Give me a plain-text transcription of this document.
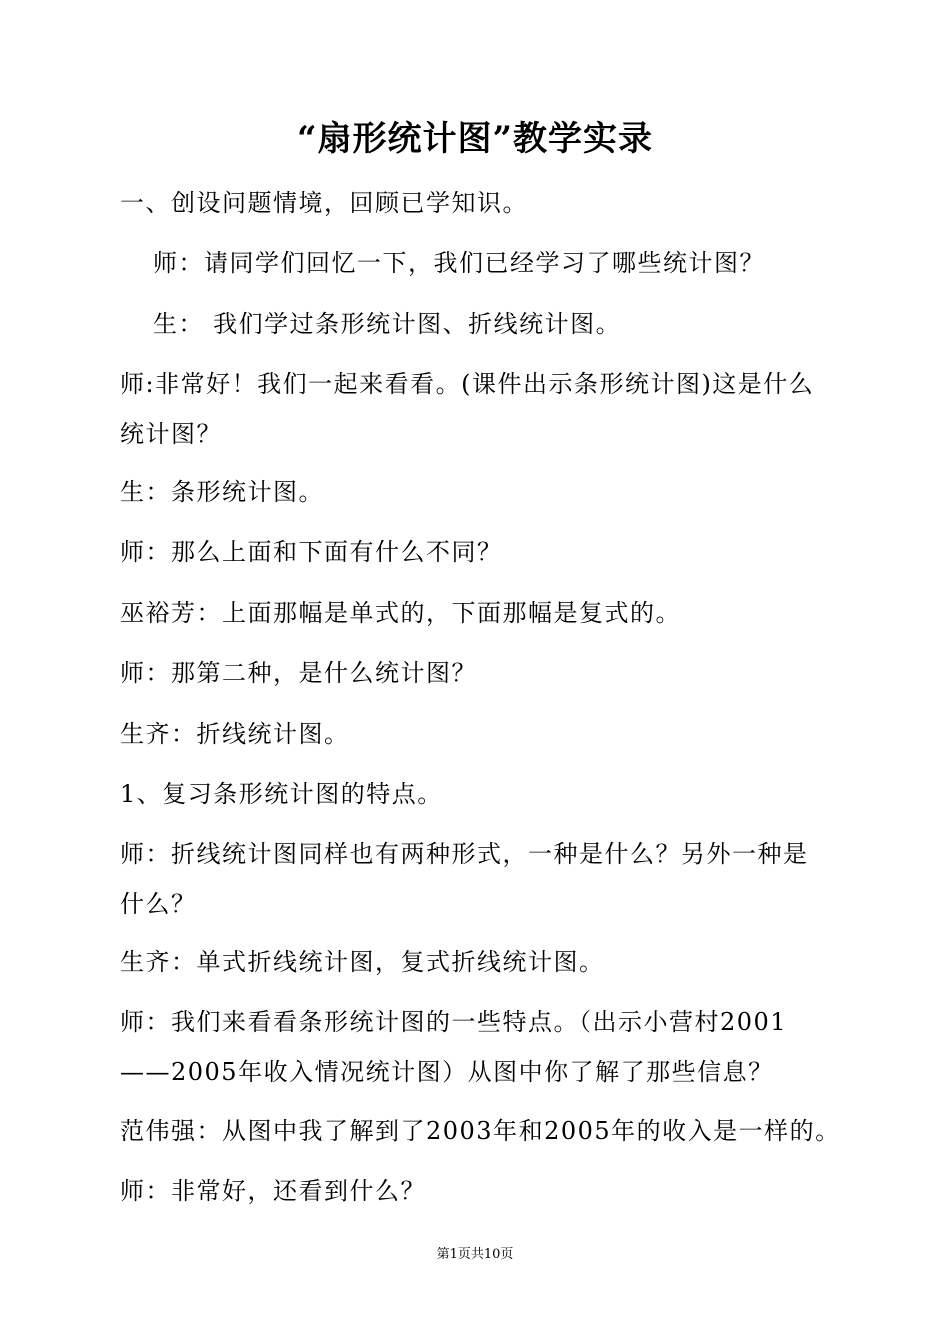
“扇形统计图”教学实录
一、创设问题情境，回顾已学知识。
师：请同学们回忆一下，我们已经学习了哪些统计图？
生： 我们学过条形统计图、折线统计图。
师:非常好！我们一起来看看。(课件出示条形统计图)这是什么统计图？
生：条形统计图。
师：那么上面和下面有什么不同？
巫裕芳：上面那幅是单式的，下面那幅是复式的。
师：那第二种，是什么统计图？
生齐：折线统计图。
1、复习条形统计图的特点。
师：折线统计图同样也有两种形式，一种是什么？另外一种是什么？
生齐：单式折线统计图，复式折线统计图。
师：我们来看看条形统计图的一些特点。（出示小营村2001——2005年收入情况统计图）从图中你了解了那些信息？
范伟强：从图中我了解到了2003年和2005年的收入是一样的。
师：非常好，还看到什么？
第1页共10页
